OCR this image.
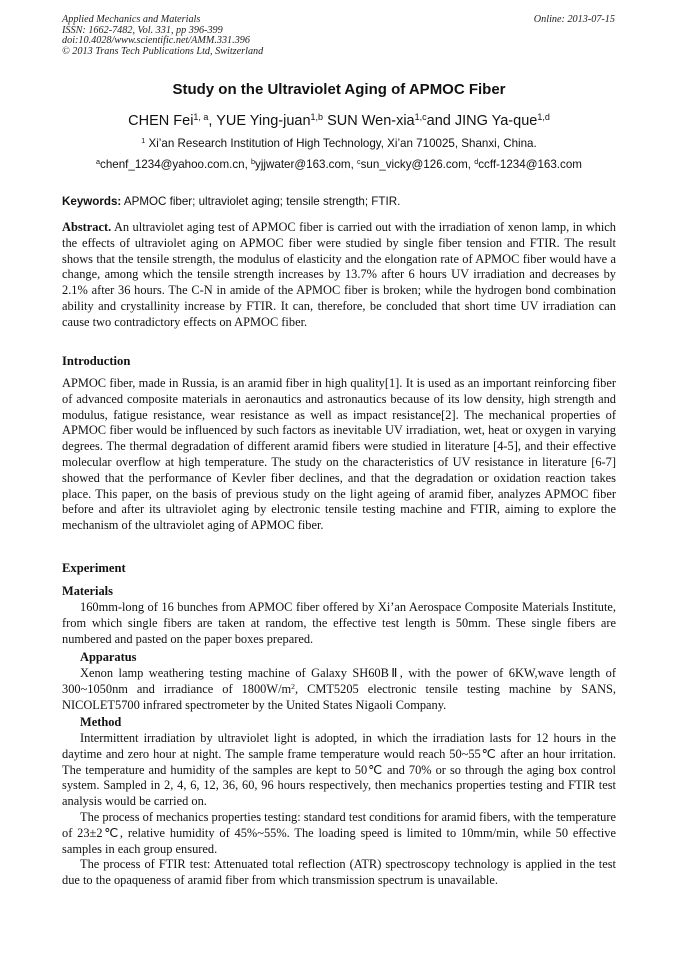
Applied Mechanics and Materials
ISSN: 1662-7482, Vol. 331, pp 396-399
doi:10.4028/www.scientific.net/AMM.331.396
© 2013 Trans Tech Publications Ltd, Switzerland
Online: 2013-07-15
Study on the Ultraviolet Aging of APMOC Fiber
CHEN Fei$^{1, a}$, YUE Ying-juan$^{1,b}$ SUN Wen-xia$^{1,c}$and JING Ya-que$^{1,d}$
$^1$ Xi’an Research Institution of High Technology, Xi’an 710025, Shanxi, China.
$^a$chenf_1234@yahoo.com.cn, $^b$yjjwater@163.com, $^c$sun_vicky@126.com, $^d$ccff-1234@163.com
Keywords: APMOC fiber; ultraviolet aging; tensile strength; FTIR.
Abstract. An ultraviolet aging test of APMOC fiber is carried out with the irradiation of xenon lamp, in which the effects of ultraviolet aging on APMOC fiber were studied by single fiber tension and FTIR. The result shows that the tensile strength, the modulus of elasticity and the elongation rate of APMOC fiber would have a change, among which the tensile strength increases by 13.7% after 6 hours UV irradiation and decreases by 2.1% after 36 hours. The C-N in amide of the APMOC fiber is broken; while the hydrogen bond combination ability and crystallinity increase by FTIR. It can, therefore, be concluded that short time UV irradiation can cause two contradictory effects on APMOC fiber.
Introduction
APMOC fiber, made in Russia, is an aramid fiber in high quality[1]. It is used as an important reinforcing fiber of advanced composite materials in aeronautics and astronautics because of its low density, high strength and modulus, fatigue resistance, wear resistance as well as impact resistance[2]. The mechanical properties of APMOC fiber would be influenced by such factors as inevitable UV irradiation, wet, heat or oxygen in varying degrees. The thermal degradation of different aramid fibers were studied in literature [4-5], and their effective molecular overflow at high temperature. The study on the characteristics of UV resistance in literature [6-7] showed that the performance of Kevler fiber declines, and that the degradation or oxidation reaction takes place. This paper, on the basis of previous study on the light ageing of aramid fiber, analyzes APMOC fiber before and after its ultraviolet aging by electronic tensile testing machine and FTIR, aiming to explore the mechanism of the ultraviolet aging of APMOC fiber.
Experiment
Materials
160mm-long of 16 bunches from APMOC fiber offered by Xi’an Aerospace Composite Materials Institute, from which single fibers are taken at random, the effective test length is 50mm. These single fibers are numbered and pasted on the paper boxes prepared.
Apparatus
Xenon lamp weathering testing machine of Galaxy SH60BⅡ, with the power of 6KW,wave length of 300~1050nm and irradiance of $1800W/m^2$, CMT5205 electronic tensile testing machine by SANS, NICOLET5700 infrared spectrometer by the United States Nigaoli Company.
Method

Intermittent irradiation by ultraviolet light is adopted, in which the irradiation lasts for 12 hours in the daytime and zero hour at night. The sample frame temperature would reach 50~55℃ after an hour irritation. The temperature and humidity of the samples are kept to 50℃ and 70% or so through the aging box control system. Sampled in 2, 4, 6, 12, 36, 60, 96 hours respectively, then mechanics properties testing and FTIR test analysis would be carried on.

The process of mechanics properties testing: standard test conditions for aramid fibers, with the temperature of 23±2℃, relative humidity of 45%~55%. The loading speed is limited to 10mm/min, while 50 effective samples in each group ensured.

The process of FTIR test: Attenuated total reflection (ATR) spectroscopy technology is applied in the test due to the opaqueness of aramid fiber from which transmission spectrum is unavailable.
